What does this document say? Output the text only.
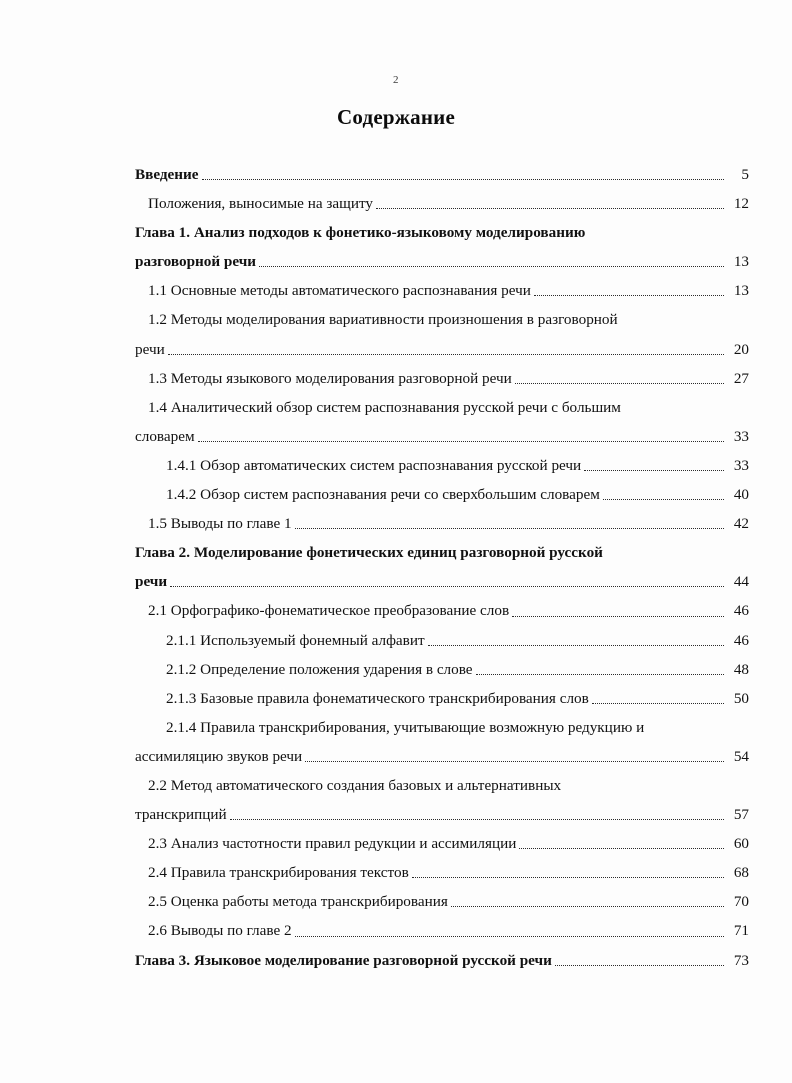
2
Содержание
Введение	5
Положения, выносимые на защиту	12
Глава 1. Анализ подходов к фонетико-языковому моделированию
разговорной речи	13
1.1 Основные методы автоматического распознавания речи	13
1.2 Методы моделирования вариативности произношения в разговорной
речи	20
1.3 Методы языкового моделирования разговорной речи	27
1.4 Аналитический обзор систем распознавания русской речи с большим
словарем	33
1.4.1 Обзор автоматических систем распознавания русской речи	33
1.4.2 Обзор систем распознавания речи со сверхбольшим словарем	40
1.5 Выводы по главе 1	42
Глава 2. Моделирование фонетических единиц разговорной русской
речи	44
2.1 Орфографико-фонематическое преобразование слов	46
2.1.1 Используемый фонемный алфавит	46
2.1.2 Определение положения ударения в слове	48
2.1.3 Базовые правила фонематического транскрибирования слов	50
2.1.4 Правила транскрибирования, учитывающие возможную редукцию и
ассимиляцию звуков речи	54
2.2 Метод автоматического создания базовых и альтернативных
транскрипций	57
2.3 Анализ частотности правил редукции и ассимиляции	60
2.4 Правила транскрибирования текстов	68
2.5 Оценка работы метода транскрибирования	70
2.6 Выводы по главе 2	71
Глава 3. Языковое моделирование разговорной русской речи	73
